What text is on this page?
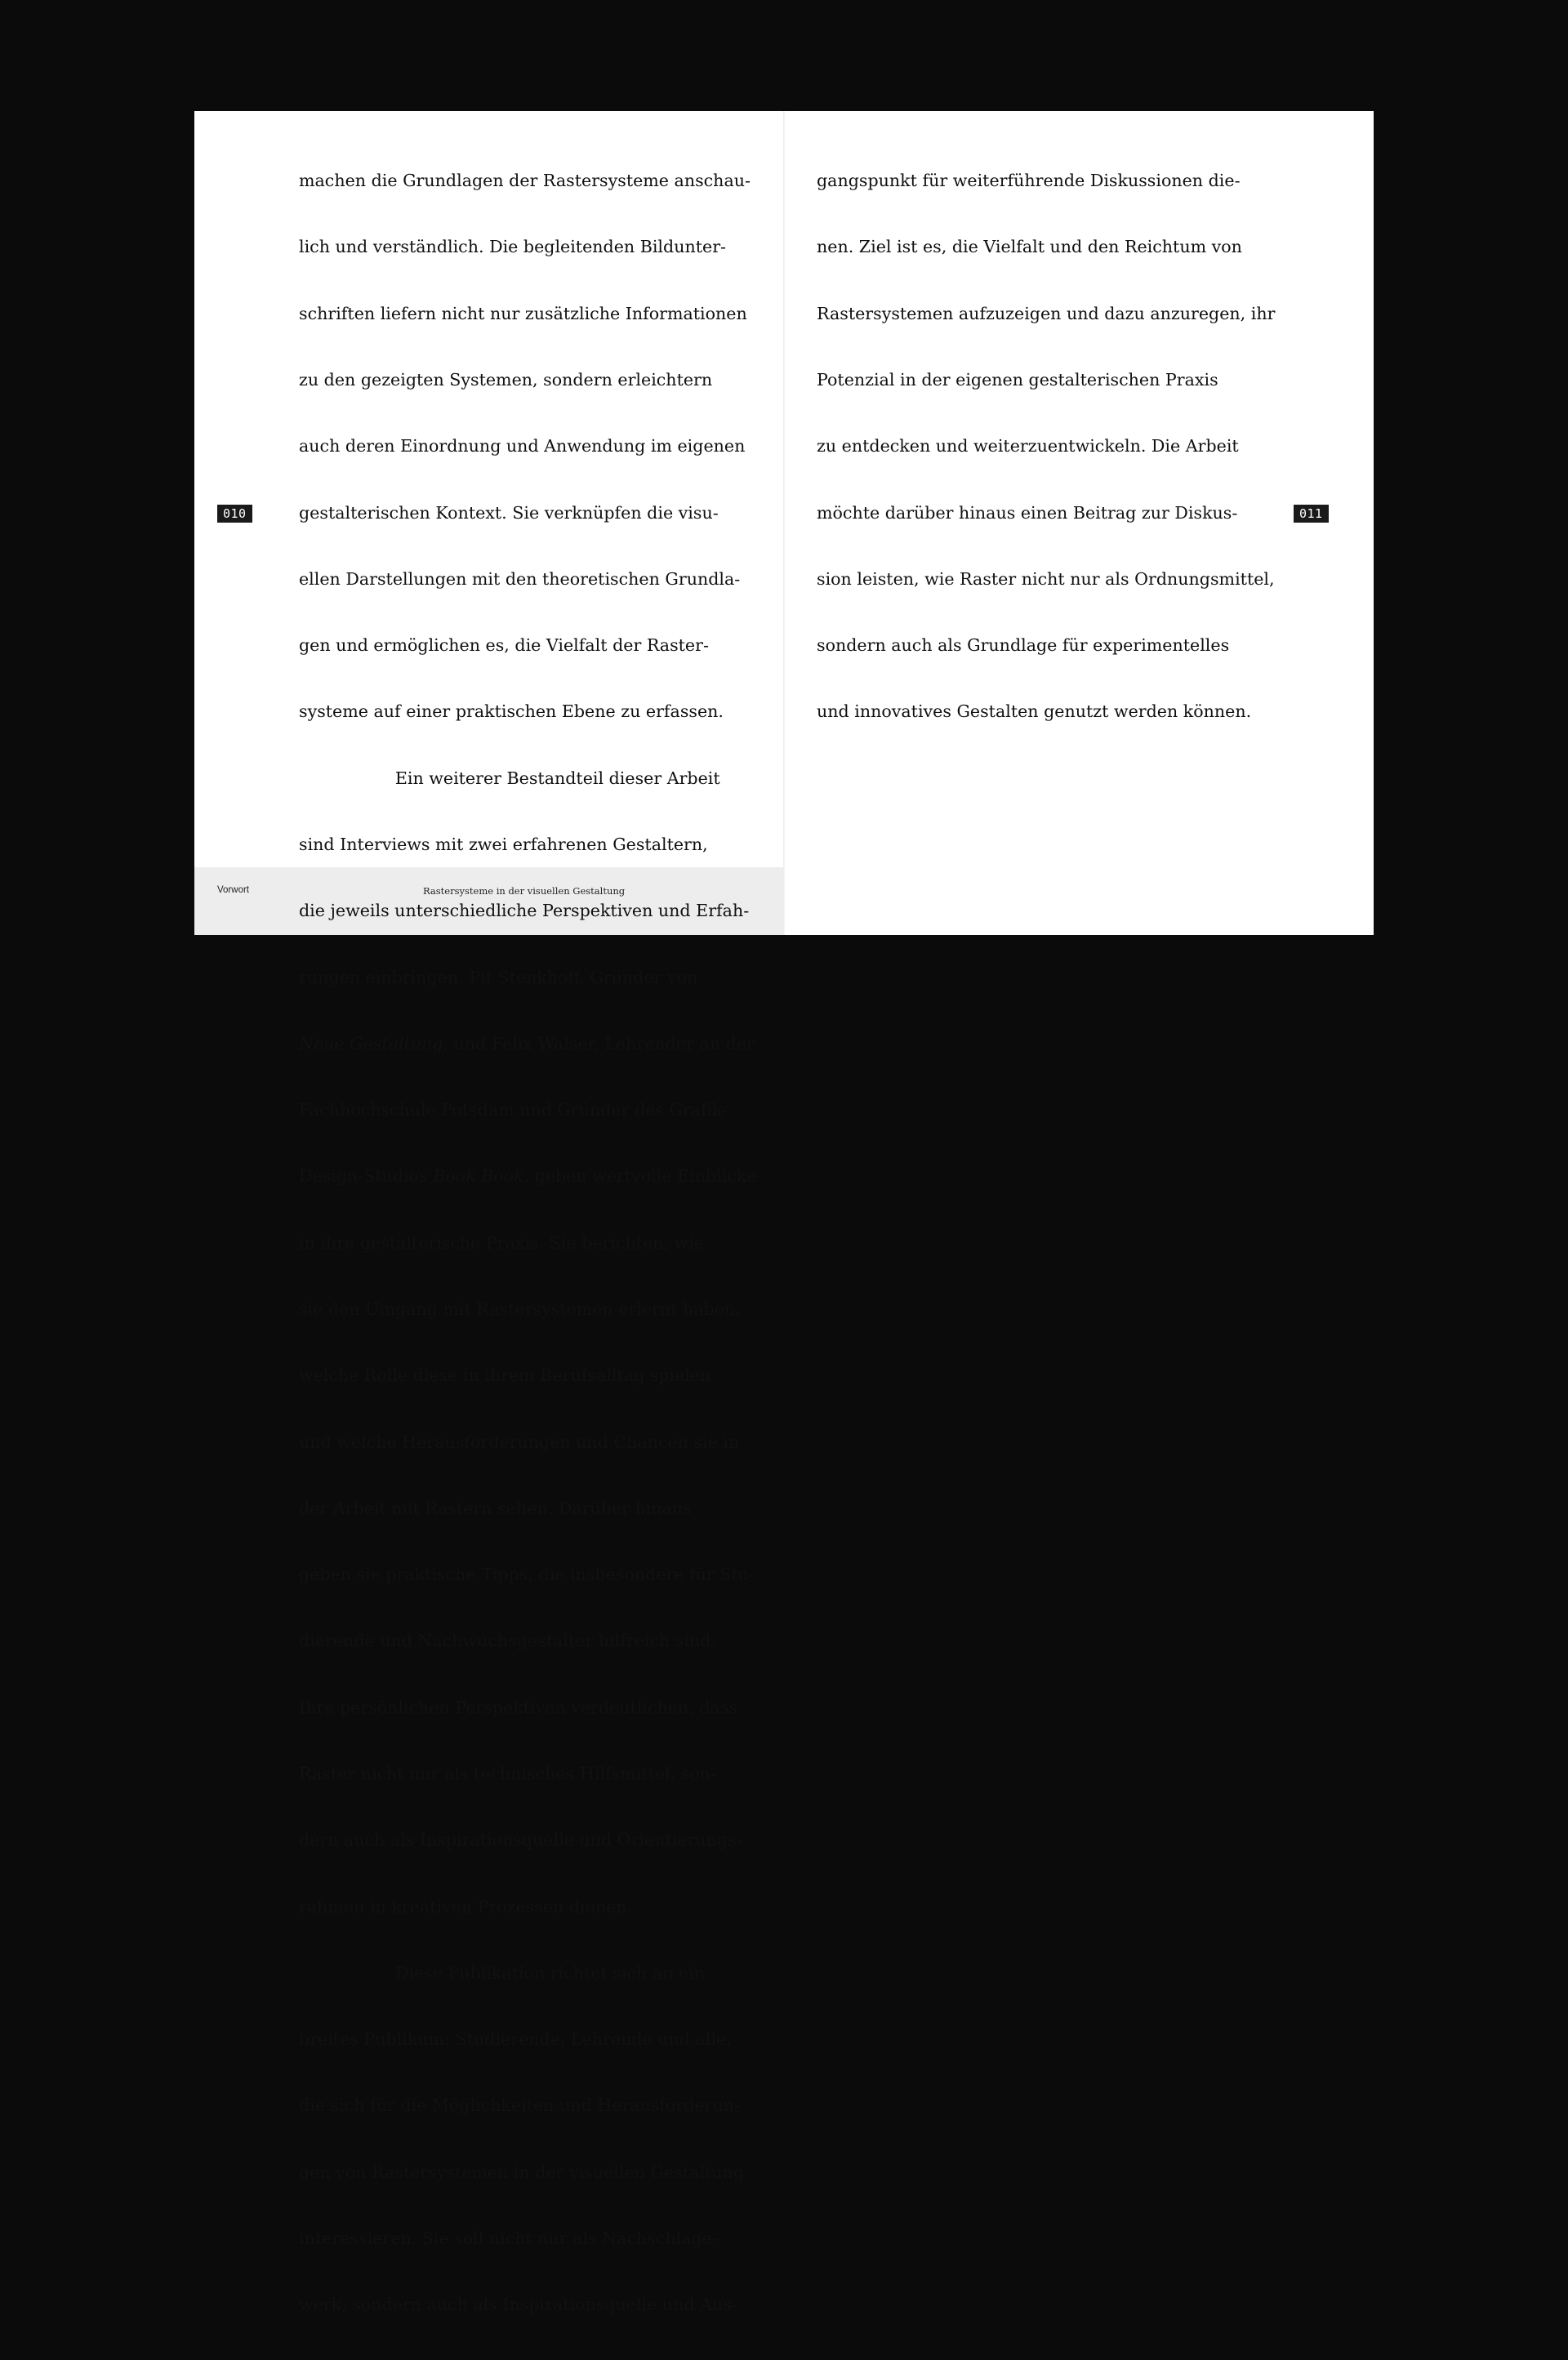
machen die Grundlagen der Rastersysteme anschau-

lich und verständlich. Die begleitenden Bildunter-

schriften liefern nicht nur zusätzliche Informationen

zu den gezeigten Systemen, sondern erleichtern

auch deren Einordnung und Anwendung im eigenen

gestalterischen Kontext. Sie verknüpfen die visu-

ellen Darstellungen mit den theoretischen Grundla-

gen und ermöglichen es, die Vielfalt der Raster-

systeme auf einer praktischen Ebene zu erfassen.

Ein weiterer Bestandteil dieser Arbeit

sind Interviews mit zwei erfahrenen Gestaltern,

die jeweils unterschiedliche Perspektiven und Erfah-

rungen einbringen. Pit Stenkhoff, Gründer von

Neue Gestaltung, und Felix Walser, Lehrender an der

Fachhochschule Potsdam und Gründer des Grafik-

Design-Studios Book Book, geben wertvolle Einblicke

in ihre gestalterische Praxis. Sie berichten, wie

sie den Umgang mit Rastersystemen erlernt haben,

welche Rolle diese in ihrem Berufsalltag spielen

und welche Herausforderungen und Chancen sie in

der Arbeit mit Rastern sehen. Darüber hinaus

geben sie praktische Tipps, die insbesondere für Stu-

dierende und Nachwuchsgestalter hilfreich sind.

Ihre persönlichen Perspektiven verdeutlichen, dass

Raster nicht nur als technisches Hilfsmittel, son-

dern auch als Inspirationsquelle und Orientierungs-

rahmen in kreativen Prozessen dienen.

Diese Publikation richtet sich an ein

breites Publikum: Studierende, Lehrende und alle,

die sich für die Möglichkeiten und Herausforderun-

gen von Rastersystemen in der visuellen Gestaltung

interessieren. Sie soll nicht nur als Nachschlage-

werk, sondern auch als Inspirationsquelle und Aus-

010
Vorwort	Rastersysteme in der visuellen Gestaltung

gangspunkt für weiterführende Diskussionen die-

nen. Ziel ist es, die Vielfalt und den Reichtum von

Rastersystemen aufzuzeigen und dazu anzuregen, ihr

Potenzial in der eigenen gestalterischen Praxis

zu entdecken und weiterzuentwickeln. Die Arbeit

möchte darüber hinaus einen Beitrag zur Diskus-

sion leisten, wie Raster nicht nur als Ordnungsmittel,

sondern auch als Grundlage für experimentelles

und innovatives Gestalten genutzt werden können.

011
